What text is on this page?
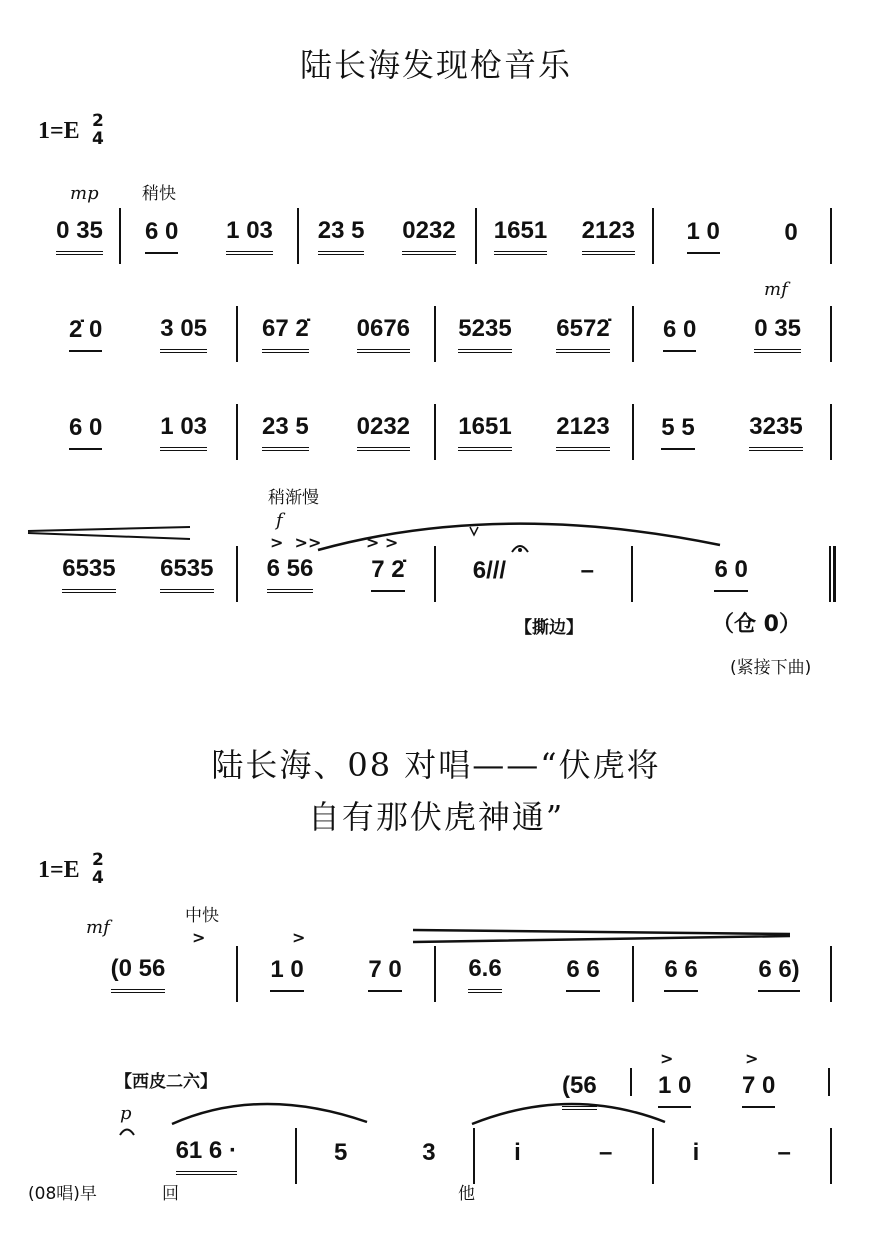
陆长海发现枪音乐
1=E 2
4
mp	稍快
mf
稍渐慢
f
>  >>        > >
0 35 6 0 1 03 23 5 0232 1651 2123 1 0	0
2̇ 0 3 05 67 2̇ 0676 5235 6572̇ 6 0 0 35
6 0 1 03 23 5 0232 1651 2123 5 5 3235
6535 6535 6 56 7 2̇	6///	–	6 0
【撕边】	（仓 0）
(紧接下曲)
陆长海、08 对唱——“伏虎将
自有那伏虎神通”
1=E 2
4
mf
中快
>	>
【西皮二六】	(56
>	>
1 0 7 0
p
(0 56	1 0	7 0	6.6	6 6	6 6	6 6)
61 6 ·	5	3	i	–	i	–
(08唱)早	回	他
